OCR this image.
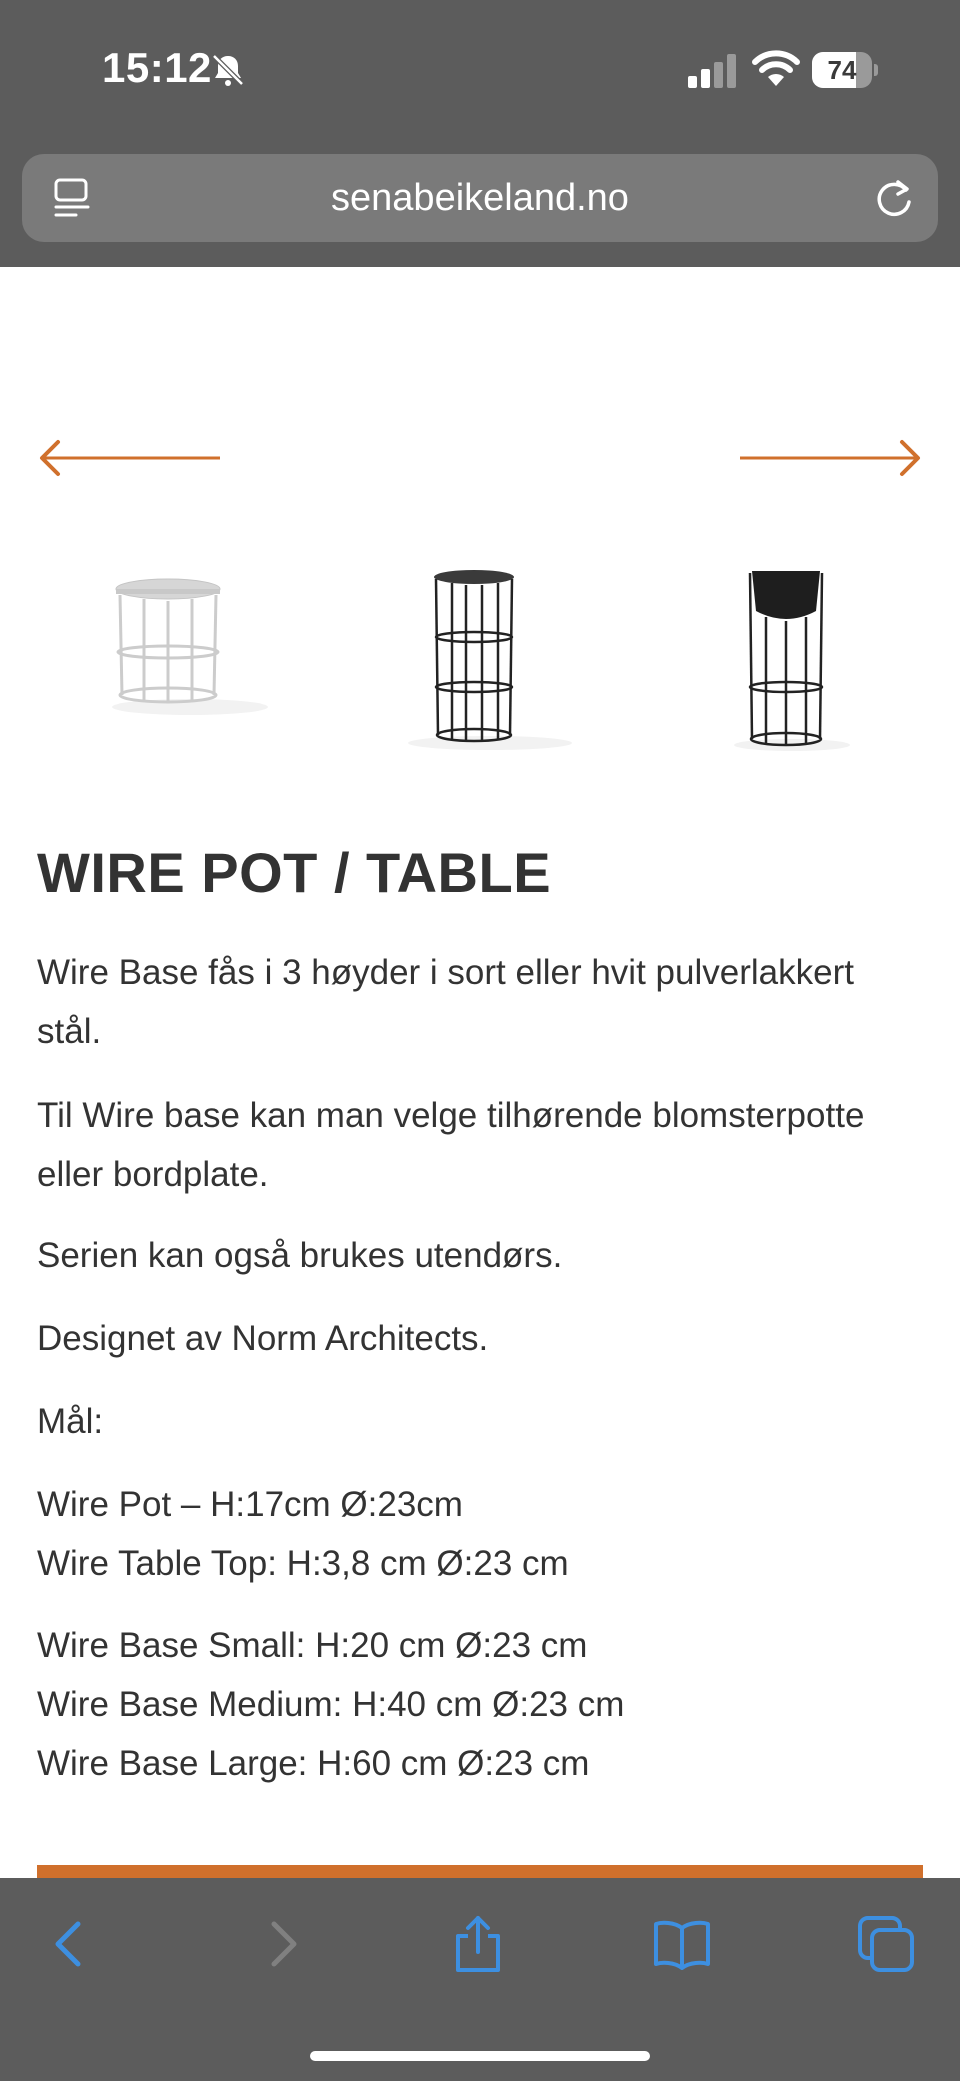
15:12	74
senabeikeland.no
WIRE POT / TABLE

Wire Base fås i 3 høyder i sort eller hvit pulverlakkert stål.

Til Wire base kan man velge tilhørende blomsterpotte eller bordplate.

Serien kan også brukes utendørs.

Designet av Norm Architects.

Mål:

Wire Pot – H:17cm Ø:23cm
Wire Table Top: H:3,8 cm Ø:23 cm
Wire Base Small: H:20 cm Ø:23 cm
Wire Base Medium: H:40 cm Ø:23 cm
Wire Base Large: H:60 cm Ø:23 cm
